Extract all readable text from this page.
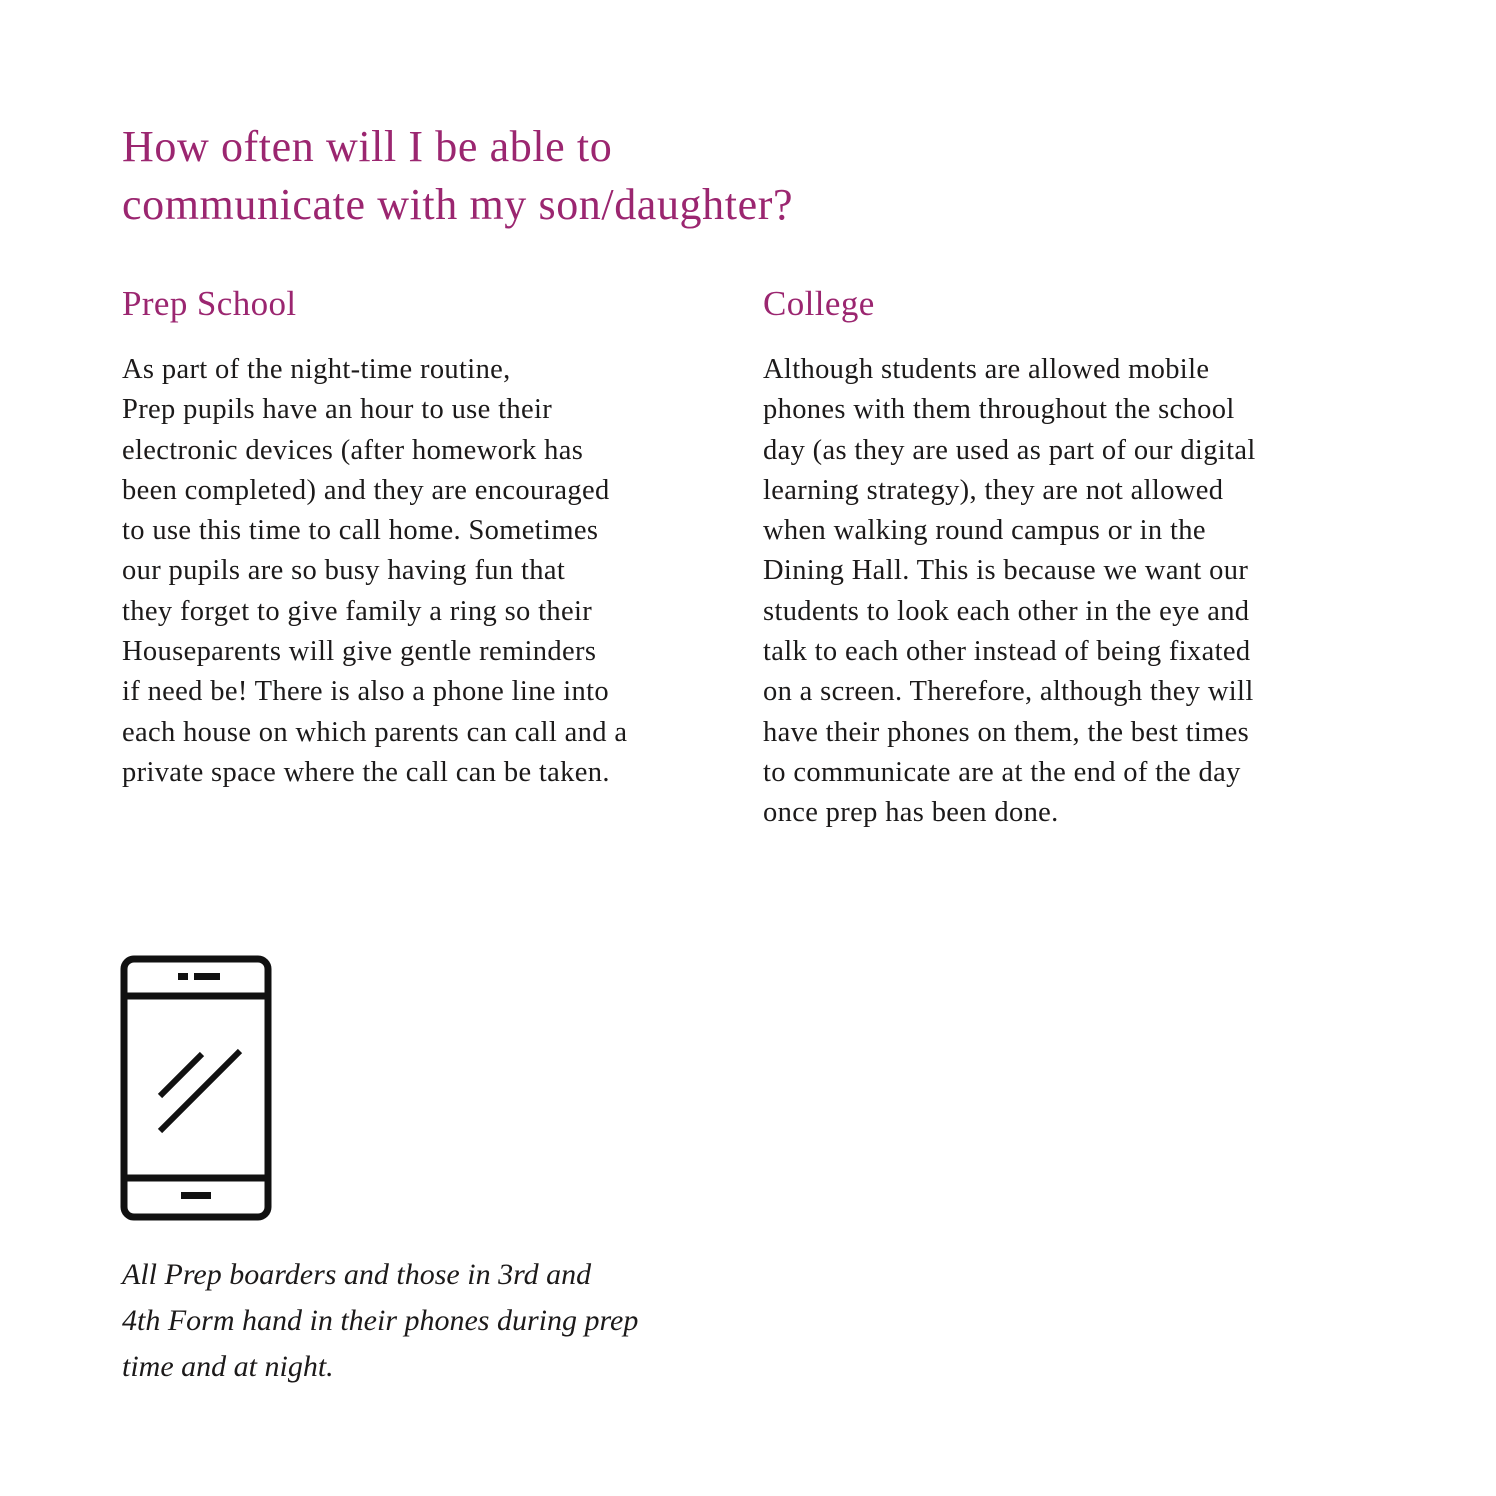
How often will I be able to
communicate with my son/daughter?
Prep School

As part of the night-time routine,
Prep pupils have an hour to use their
electronic devices (after homework has
been completed) and they are encouraged
to use this time to call home. Sometimes
our pupils are so busy having fun that
they forget to give family a ring so their
Houseparents will give gentle reminders
if need be! There is also a phone line into
each house on which parents can call and a
private space where the call can be taken.

College

Although students are allowed mobile
phones with them throughout the school
day (as they are used as part of our digital
learning strategy), they are not allowed
when walking round campus or in the
Dining Hall. This is because we want our
students to look each other in the eye and
talk to each other instead of being fixated
on a screen. Therefore, although they will
have their phones on them, the best times
to communicate are at the end of the day
once prep has been done.

All Prep boarders and those in 3rd and
4th Form hand in their phones during prep
time and at night.
